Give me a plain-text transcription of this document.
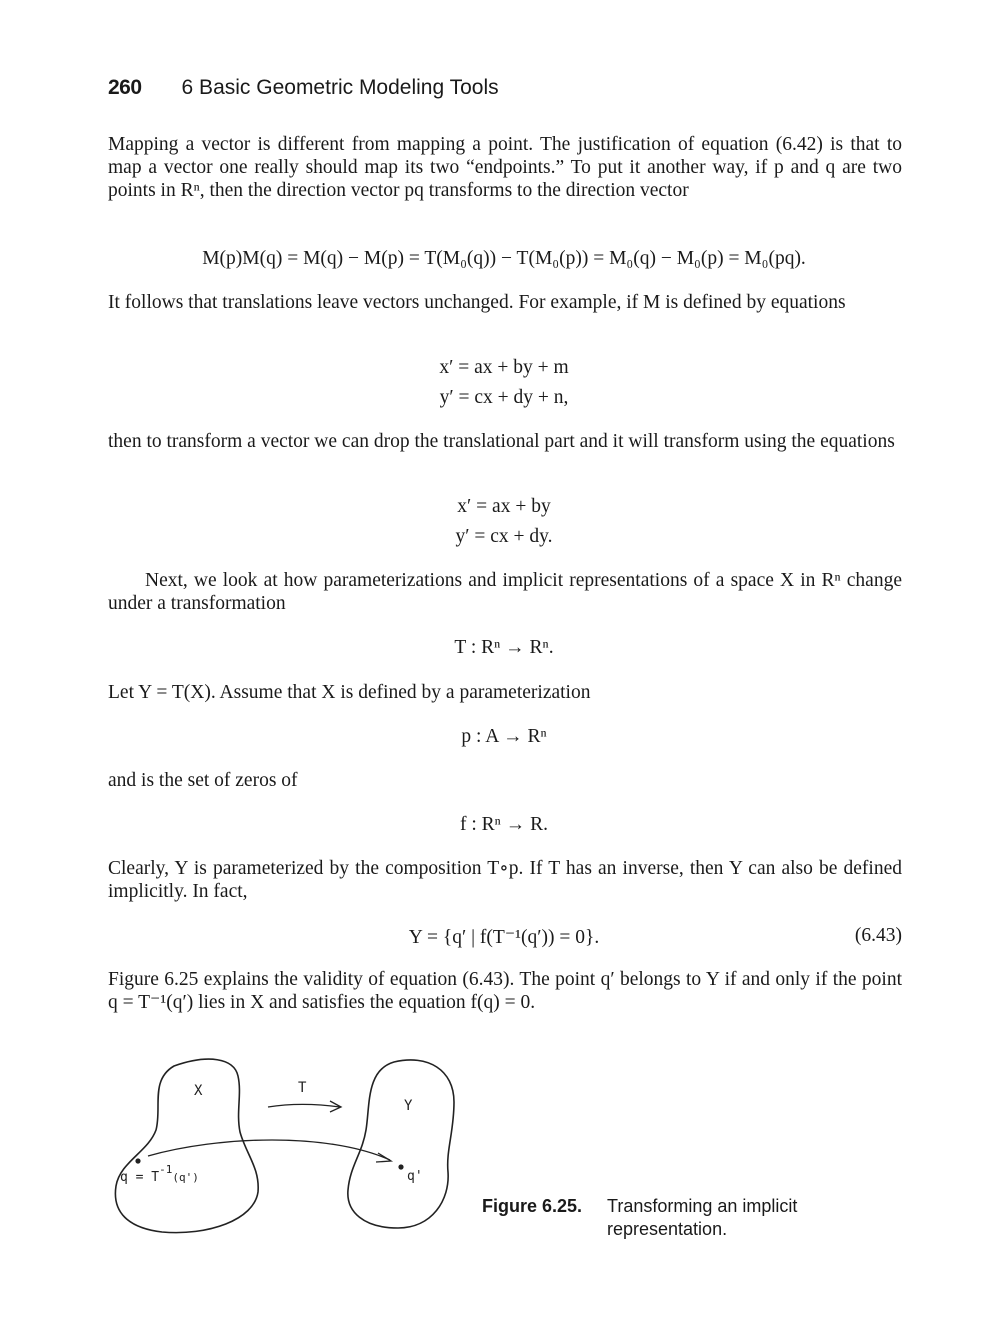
260 6 Basic Geometric Modeling Tools

Mapping a vector is different from mapping a point. The justification of equation (6.42) is that to map a vector one really should map its two “endpoints.” To put it another way, if p and q are two points in Rⁿ, then the direction vector pq transforms to the direction vector

M(p)M(q) = M(q) − M(p) = T(M₀(q)) − T(M₀(p)) = M₀(q) − M₀(p) = M₀(pq).

It follows that translations leave vectors unchanged. For example, if M is defined by equations

x′ = ax + by + m
y′ = cx + dy + n,

then to transform a vector we can drop the translational part and it will transform using the equations

x′ = ax + by
y′ = cx + dy.

Next, we look at how parameterizations and implicit representations of a space X in Rⁿ change under a transformation

T : Rⁿ → Rⁿ.

Let Y = T(X). Assume that X is defined by a parameterization

p : A → Rⁿ

and is the set of zeros of

f : Rⁿ → R.

Clearly, Y is parameterized by the composition T∘p. If T has an inverse, then Y can also be defined implicitly. In fact,

Y = {q′ | f(T⁻¹(q′)) = 0}.	(6.43)

Figure 6.25 explains the validity of equation (6.43). The point q′ belongs to Y if and only if the point q = T⁻¹(q′) lies in X and satisfies the equation f(q) = 0.

X	T
Y
$q = T^{-1}_{(q')}$	q'
Figure 6.25. Transforming an implicit representation.
